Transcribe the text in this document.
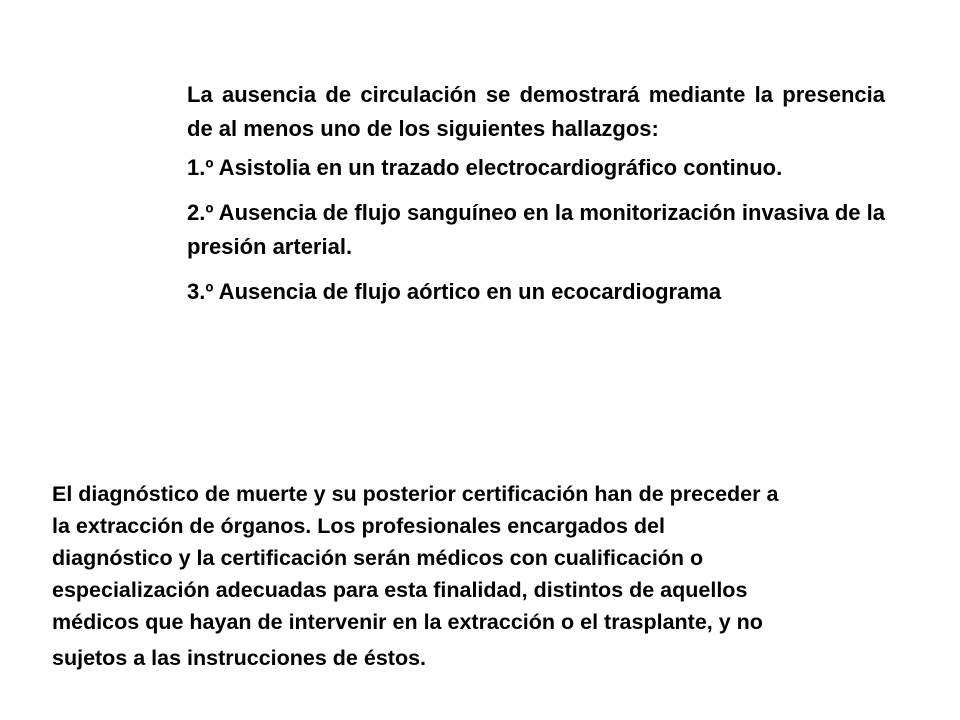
La ausencia de circulación se demostrará mediante la presencia de al menos uno de los siguientes hallazgos:

1.º Asistolia en un trazado electrocardiográfico continuo.

2.º Ausencia de flujo sanguíneo en la monitorización invasiva de la presión arterial.

3.º Ausencia de flujo aórtico en un ecocardiograma

El diagnóstico de muerte y su posterior certificación han de preceder a

la extracción de órganos. Los profesionales encargados del

diagnóstico y la certificación serán médicos con cualificación o

especialización adecuadas para esta finalidad, distintos de aquellos

médicos que hayan de intervenir en la extracción o el trasplante, y no

sujetos a las instrucciones de éstos.
